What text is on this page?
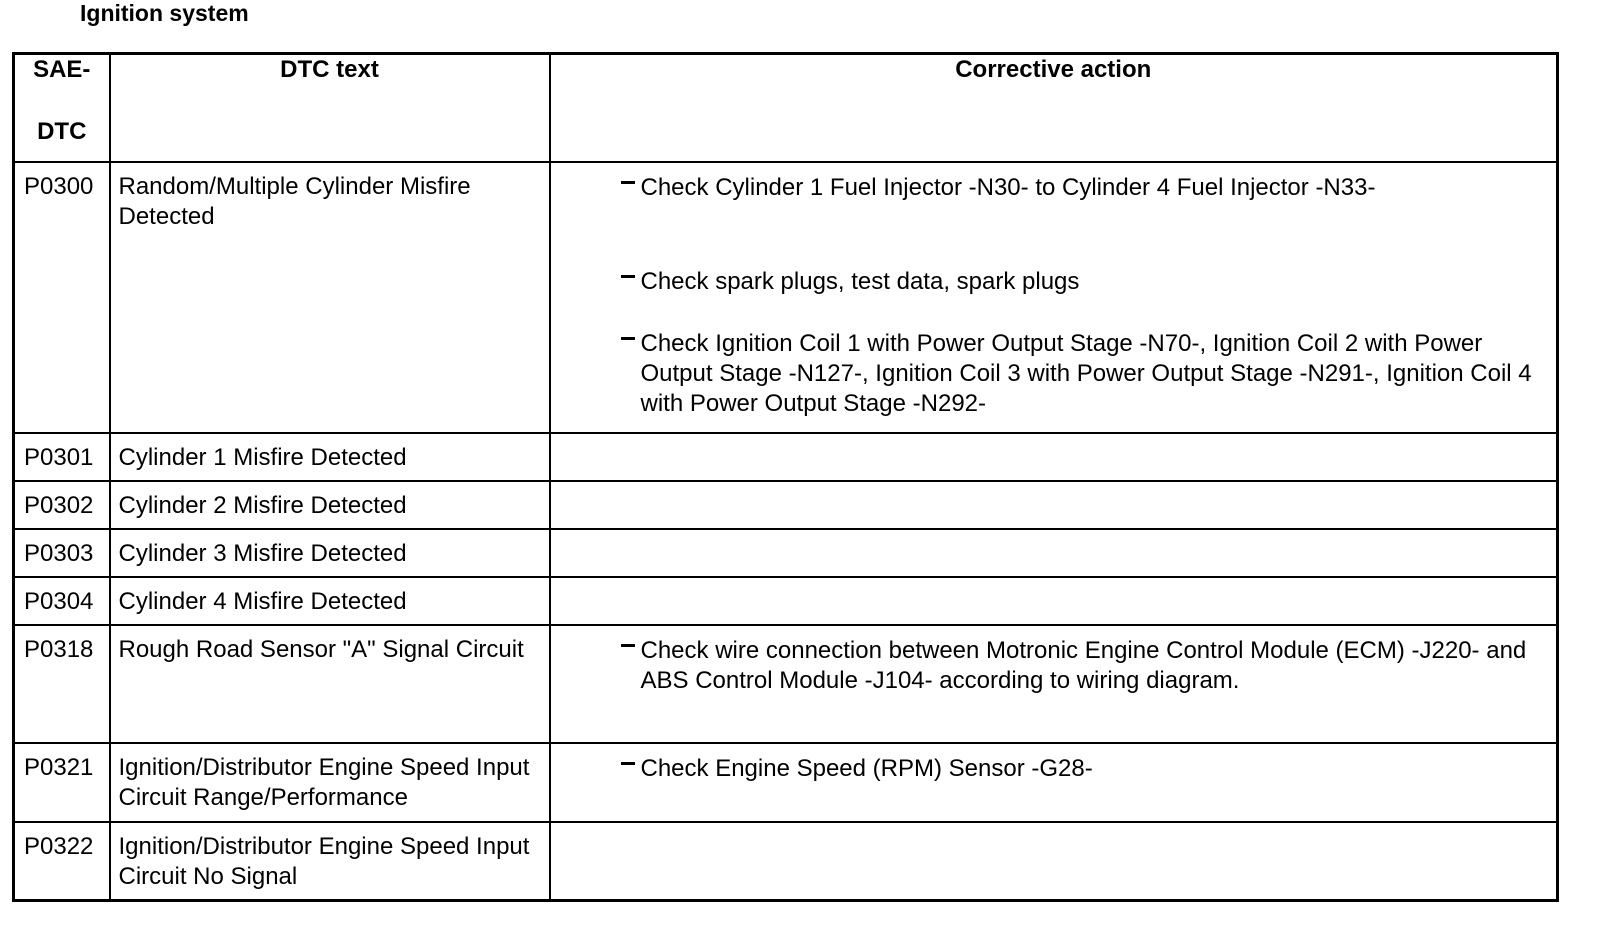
Ignition system
SAE-
DTC	DTC text	Corrective action
P0300	Random/Multiple Cylinder Misfire Detected	Check Cylinder 1 Fuel Injector -N30- to Cylinder 4 Fuel Injector -N33-
Check spark plugs, test data, spark plugs
Check Ignition Coil 1 with Power Output Stage -N70-, Ignition Coil 2 with Power Output Stage -N127-, Ignition Coil 3 with Power Output Stage -N291-, Ignition Coil 4 with Power Output Stage -N292-

P0301	Cylinder 1 Misfire Detected	
P0302	Cylinder 2 Misfire Detected	
P0303	Cylinder 3 Misfire Detected	
P0304	Cylinder 4 Misfire Detected	
P0318	Rough Road Sensor "A" Signal Circuit	Check wire connection between Motronic Engine Control Module (ECM) -J220- and ABS Control Module -J104- according to wiring diagram.

P0321	Ignition/Distributor Engine Speed Input Circuit Range/Performance	Check Engine Speed (RPM) Sensor -G28-

P0322	Ignition/Distributor Engine Speed Input Circuit No Signal	
